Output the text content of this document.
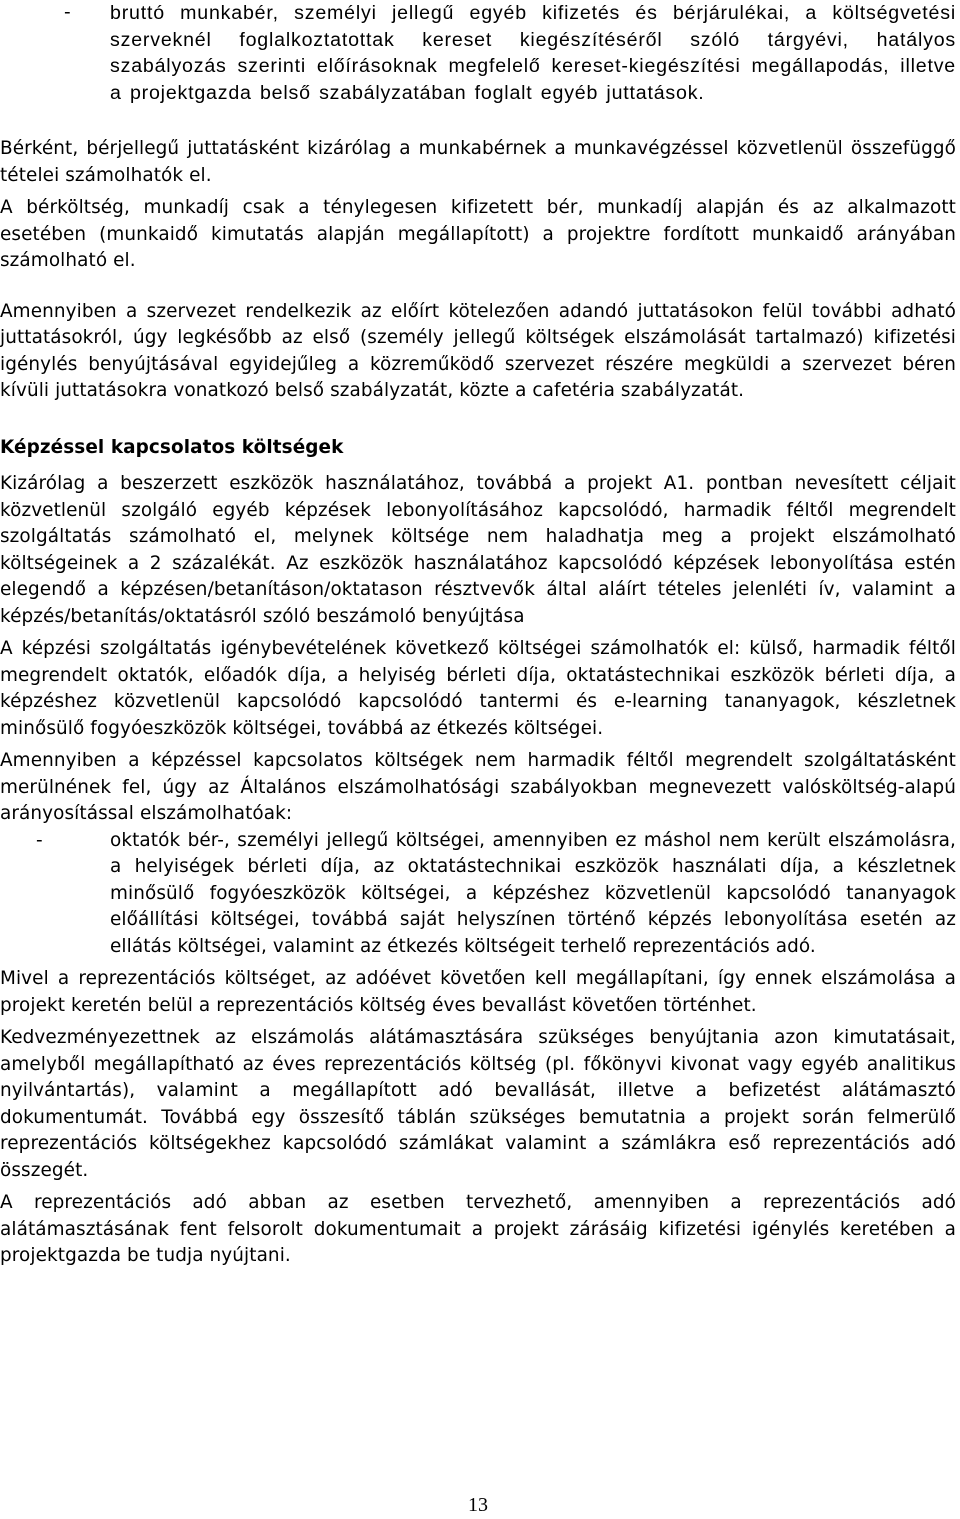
- bruttó munkabér, személyi jellegű egyéb kifizetés és bérjárulékai, a költségvetési szerveknél foglalkoztatottak kereset kiegészítéséről szóló tárgyévi, hatályos szabályozás szerinti előírásoknak megfelelő kereset-kiegészítési megállapodás, illetve a projektgazda belső szabályzatában foglalt egyéb juttatások.

Bérként, bérjellegű juttatásként kizárólag a munkabérnek a munkavégzéssel közvetlenül összefüggő tételei számolhatók el.

A bérköltség, munkadíj csak a ténylegesen kifizetett bér, munkadíj alapján és az alkalmazott esetében (munkaidő kimutatás alapján megállapított) a projektre fordított munkaidő arányában számolható el.

Amennyiben a szervezet rendelkezik az előírt kötelezően adandó juttatásokon felül további adható juttatásokról, úgy legkésőbb az első (személy jellegű költségek elszámolását tartalmazó) kifizetési igénylés benyújtásával egyidejűleg a közreműködő szervezet részére megküldi a szervezet béren kívüli juttatásokra vonatkozó belső szabályzatát, közte a cafetéria szabályzatát.

Képzéssel kapcsolatos költségek

Kizárólag a beszerzett eszközök használatához, továbbá a projekt A1. pontban nevesített céljait közvetlenül szolgáló egyéb képzések lebonyolításához kapcsolódó, harmadik féltől megrendelt szolgáltatás számolható el, melynek költsége nem haladhatja meg a projekt elszámolható költségeinek a 2 százalékát. Az eszközök használatához kapcsolódó képzések lebonyolítása estén elegendő a képzésen/betanításon/oktatason résztvevők által aláírt tételes jelenléti ív, valamint a képzés/betanítás/oktatásról szóló beszámoló benyújtása

A képzési szolgáltatás igénybevételének következő költségei számolhatók el: külső, harmadik féltől megrendelt oktatók, előadók díja, a helyiség bérleti díja, oktatástechnikai eszközök bérleti díja, a képzéshez közvetlenül kapcsolódó kapcsolódó tantermi és e-learning tananyagok, készletnek minősülő fogyóeszközök költségei, továbbá az étkezés költségei.

Amennyiben a képzéssel kapcsolatos költségek nem harmadik féltől megrendelt szolgáltatásként merülnének fel, úgy az Általános elszámolhatósági szabályokban megnevezett valósköltség-alapú arányosítással elszámolhatóak:

-	oktatók bér-, személyi jellegű költségei, amennyiben ez máshol nem került elszámolásra, a helyiségek bérleti díja, az oktatástechnikai eszközök használati díja, a készletnek minősülő fogyóeszközök költségei, a képzéshez közvetlenül kapcsolódó tananyagok előállítási költségei, továbbá saját helyszínen történő képzés lebonyolítása esetén az ellátás költségei, valamint az étkezés költségeit terhelő reprezentációs adó.

Mivel a reprezentációs költséget, az adóévet követően kell megállapítani, így ennek elszámolása a projekt keretén belül a reprezentációs költség éves bevallást követően történhet.

Kedvezményezettnek az elszámolás alátámasztására szükséges benyújtania azon kimutatásait, amelyből megállapítható az éves reprezentációs költség (pl. főkönyvi kivonat vagy egyéb analitikus nyilvántartás), valamint a megállapított adó bevallását, illetve a befizetést alátámasztó dokumentumát. Továbbá egy összesítő táblán szükséges bemutatnia a projekt során felmerülő reprezentációs költségekhez kapcsolódó számlákat valamint a számlákra eső reprezentációs adó összegét.

A reprezentációs adó abban az esetben tervezhető, amennyiben a reprezentációs adó alátámasztásának fent felsorolt dokumentumait a projekt zárásáig kifizetési igénylés keretében a projektgazda be tudja nyújtani.

13
